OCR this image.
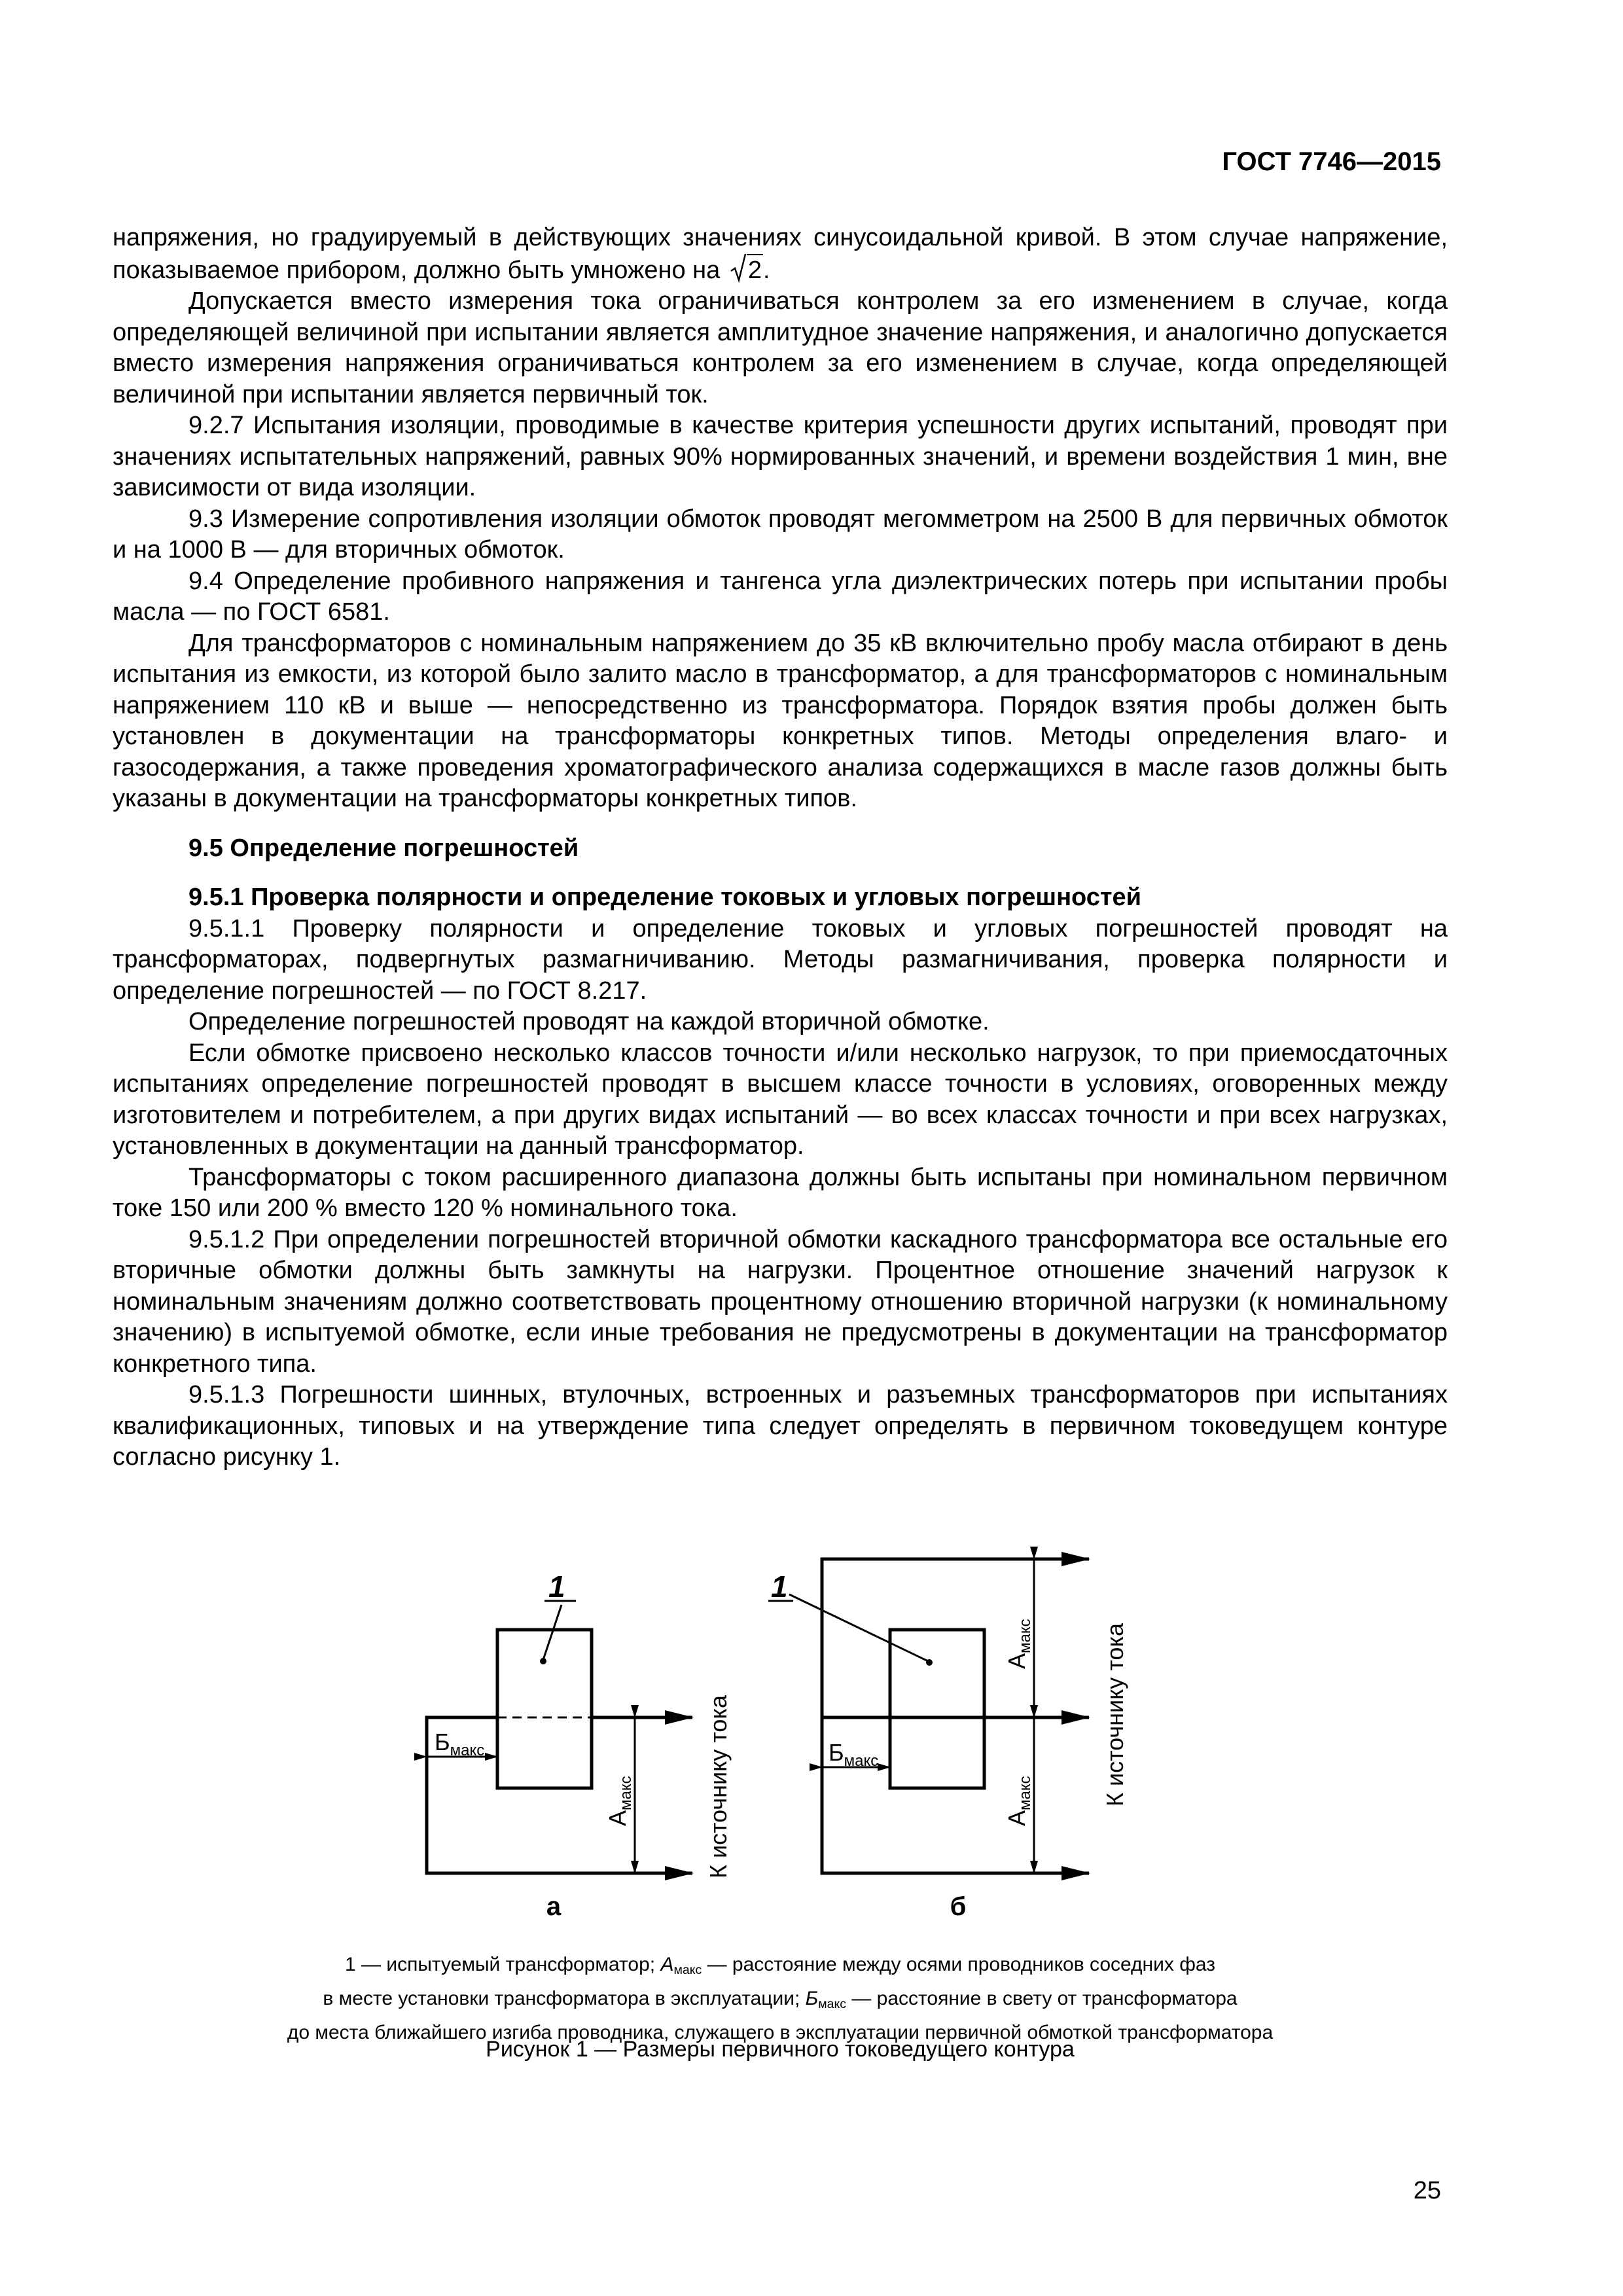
ГОСТ 7746—2015

напряжения, но градуируемый в действующих значениях синусоидальной кривой. В этом случае напряжение, показываемое прибором, должно быть умножено на 2.

Допускается вместо измерения тока ограничиваться контролем за его изменением в случае, когда определяющей величиной при испытании является амплитудное значение напряжения, и аналогично допускается вместо измерения напряжения ограничиваться контролем за его изменением в случае, когда определяющей величиной при испытании является первичный ток.

9.2.7 Испытания изоляции, проводимые в качестве критерия успешности других испытаний, проводят при значениях испытательных напряжений, равных 90% нормированных значений, и времени воздействия 1 мин, вне зависимости от вида изоляции.

9.3 Измерение сопротивления изоляции обмоток проводят мегомметром на 2500 В для первичных обмоток и на 1000 В — для вторичных обмоток.

9.4 Определение пробивного напряжения и тангенса угла диэлектрических потерь при испытании пробы масла — по ГОСТ 6581.

Для трансформаторов с номинальным напряжением до 35 кВ включительно пробу масла отбирают в день испытания из емкости, из которой было залито масло в трансформатор, а для трансформаторов с номинальным напряжением 110 кВ и выше — непосредственно из трансформатора. Порядок взятия пробы должен быть установлен в документации на трансформаторы конкретных типов. Методы определения влаго- и газосодержания, а также проведения хроматографического анализа содержащихся в масле газов должны быть указаны в документации на трансформаторы конкретных типов.

9.5 Определение погрешностей

9.5.1 Проверка полярности и определение токовых и угловых погрешностей

9.5.1.1 Проверку полярности и определение токовых и угловых погрешностей проводят на трансформаторах, подвергнутых размагничиванию. Методы размагничивания, проверка полярности и определение погрешностей — по ГОСТ 8.217.

Определение погрешностей проводят на каждой вторичной обмотке.

Если обмотке присвоено несколько классов точности и/или несколько нагрузок, то при приемосдаточных испытаниях определение погрешностей проводят в высшем классе точности в условиях, оговоренных между изготовителем и потребителем, а при других видах испытаний — во всех классах точности и при всех нагрузках, установленных в документации на данный трансформатор.

Трансформаторы с током расширенного диапазона должны быть испытаны при номинальном первичном токе 150 или 200 % вместо 120 % номинального тока.

9.5.1.2 При определении погрешностей вторичной обмотки каскадного трансформатора все остальные его вторичные обмотки должны быть замкнуты на нагрузки. Процентное отношение значений нагрузок к номинальным значениям должно соответствовать процентному отношению вторичной нагрузки (к номинальному значению) в испытуемой обмотке, если иные требования не предусмотрены в документации на трансформатор конкретного типа.

9.5.1.3 Погрешности шинных, втулочных, встроенных и разъемных трансформаторов при испытаниях квалификационных, типовых и на утверждение типа следует определять в первичном токоведущем контуре согласно рисунку 1.

1
$Б_{макс}$
$А_{макс}$	К источнику тока
а
1
$Б_{макс}$
$А_{макс}$
$А_{макс}$	К источнику тока
б
1 — испытуемый трансформатор; $А_{макс}$ — расстояние между осями проводников соседних фаз
в месте установки трансформатора в эксплуатации; $Б_{макс}$ — расстояние в свету от трансформатора
до места ближайшего изгиба проводника, служащего в эксплуатации первичной обмоткой трансформатора
Рисунок 1 — Размеры первичного токоведущего контура
25
